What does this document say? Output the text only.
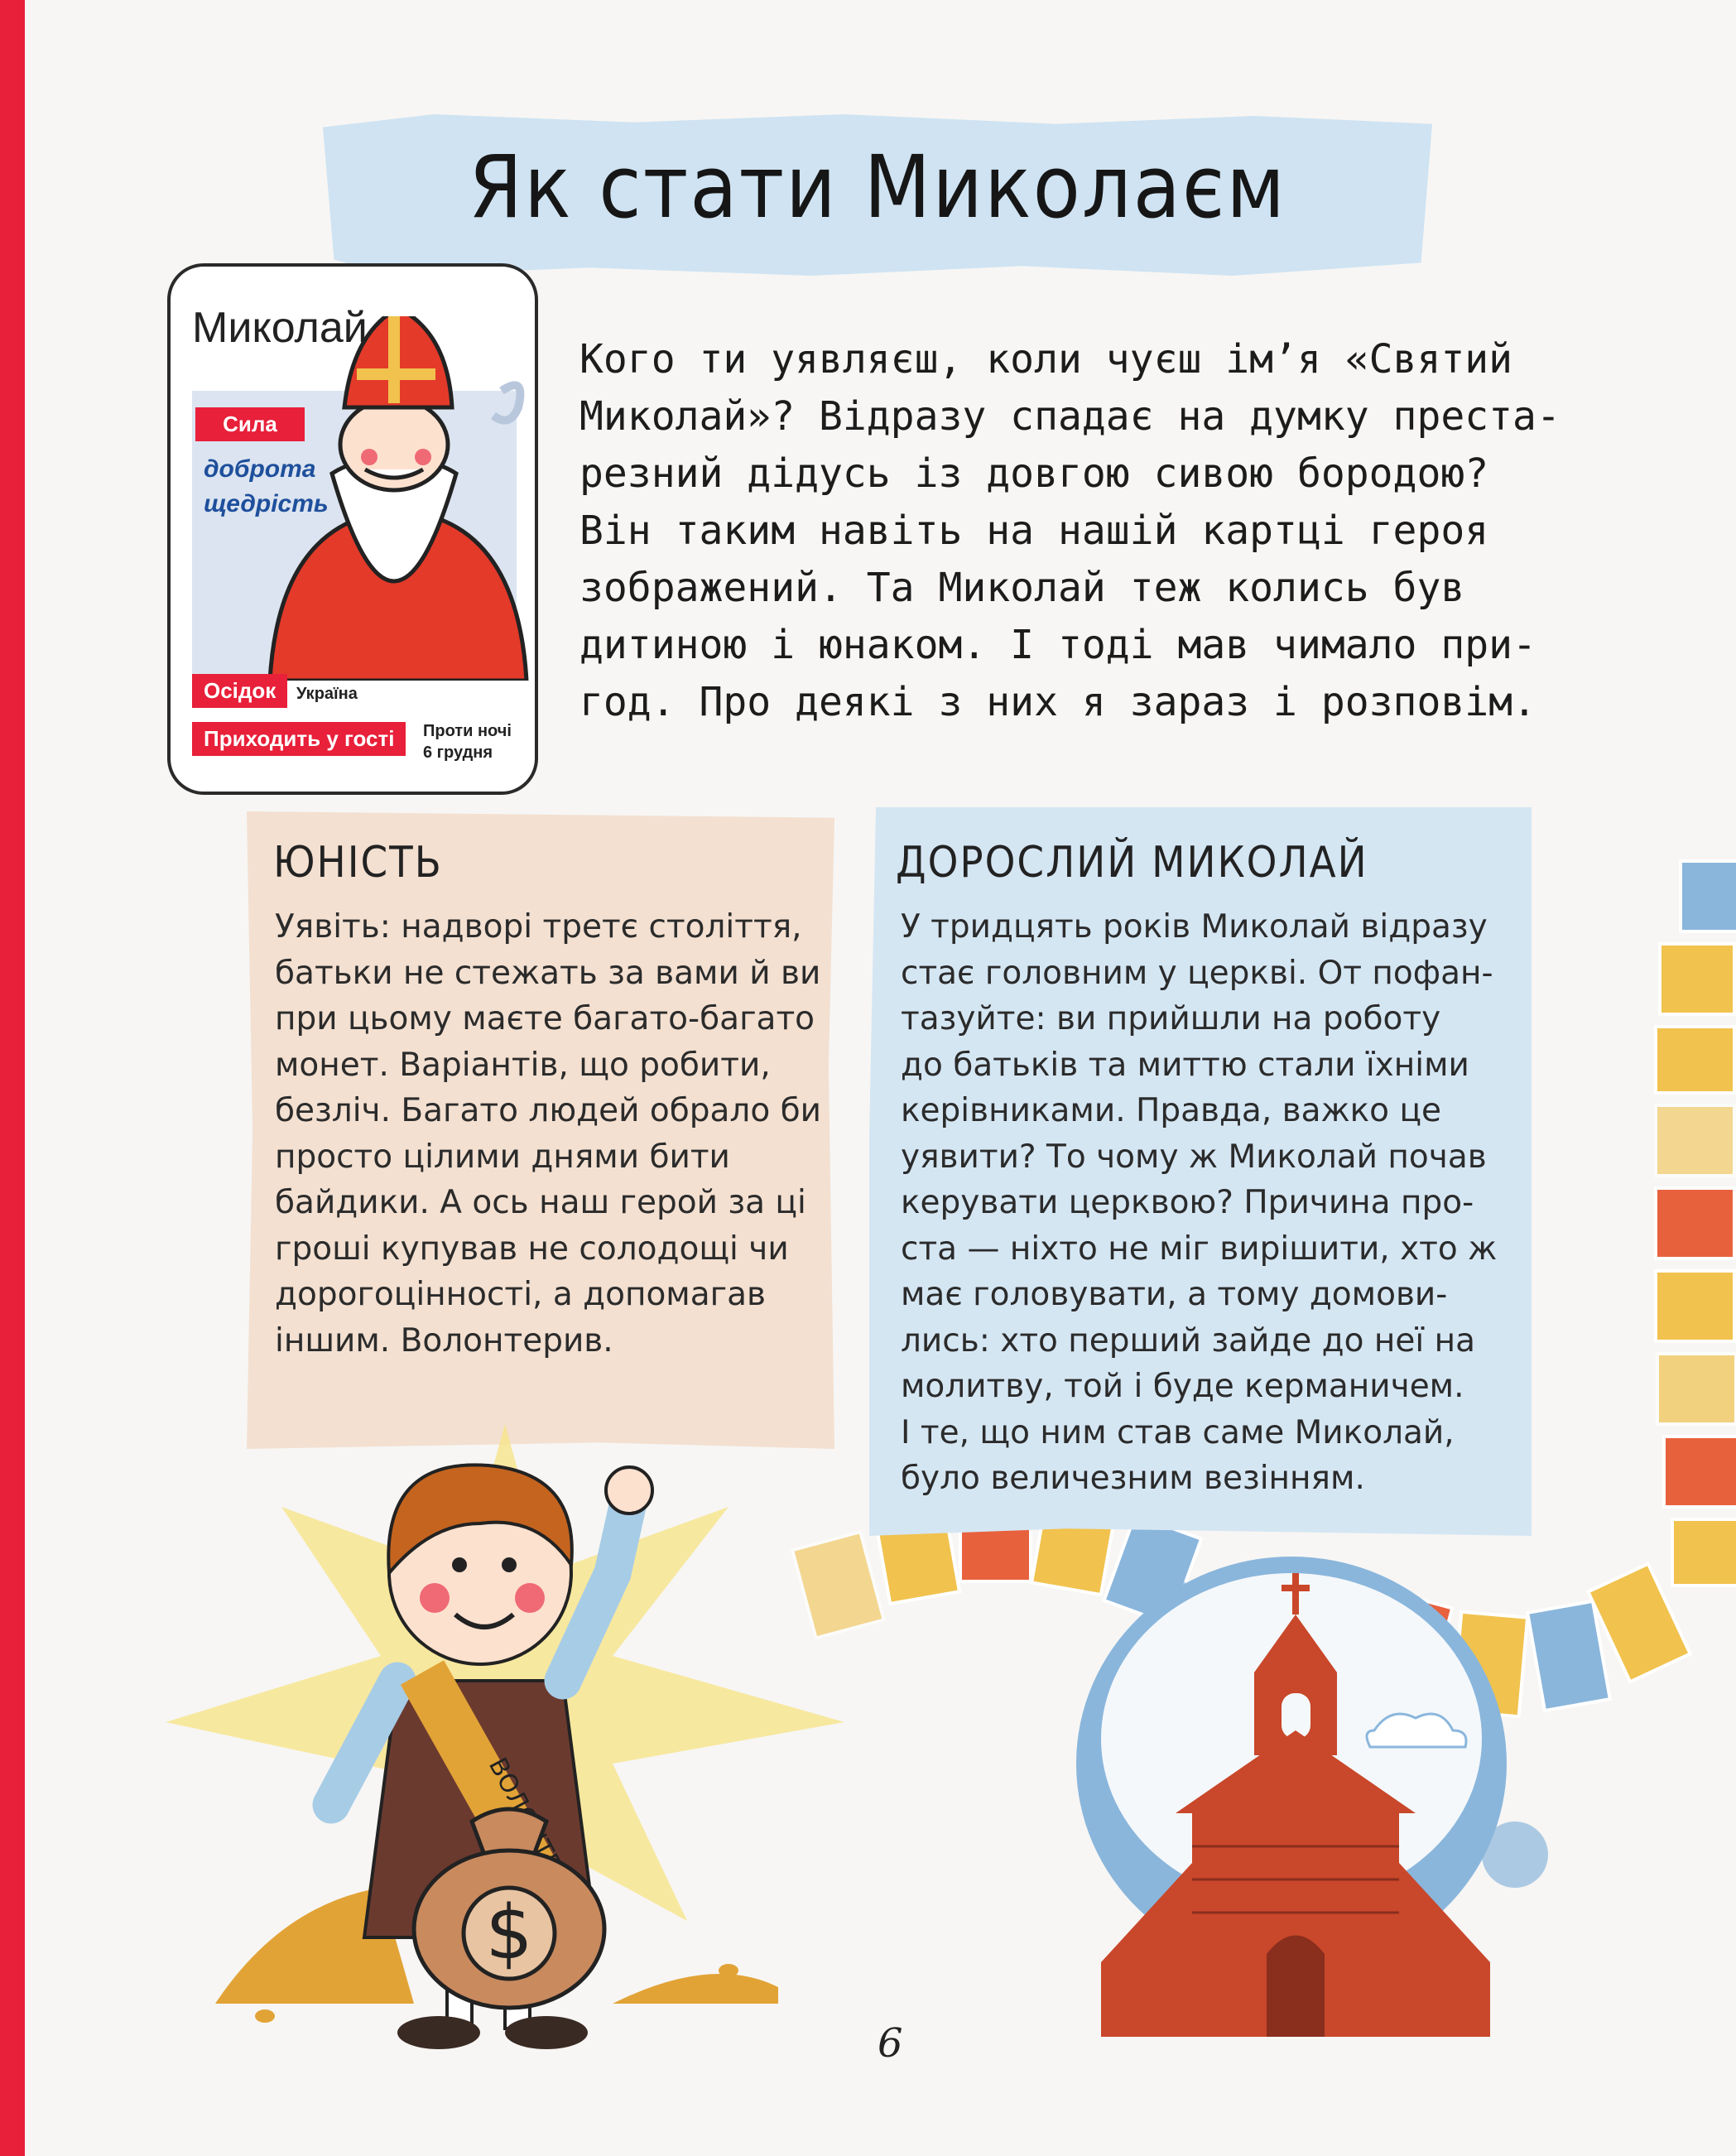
Як стати Миколаєм
Миколай
Сила
доброта
щедрість
Осідок	Україна
Приходить у гості	Проти ночі
6 грудня
Кого ти уявляєш, коли чуєш ім’я «Святий
Миколай»? Відразу спадає на думку преста-
резний дідусь із довгою сивою бородою?
Він таким навіть на нашій картці героя
зображений. Та Миколай теж колись був
дитиною і юнаком. І тоді мав чимало при-
год. Про деякі з них я зараз і розповім.
ЮНІСТЬ
Уявіть: надворі третє століття,
батьки не стежать за вами й ви
при цьому маєте багато-багато
монет. Варіантів, що робити,
безліч. Багато людей обрало би
просто цілими днями бити
байдики. А ось наш герой за ці
гроші купував не солодощі чи
дорогоцінності, а допомагав
іншим. Волонтерив.
ДОРОСЛИЙ МИКОЛАЙ
У тридцять років Миколай відразу
стає головним у церкві. От пофан-
тазуйте: ви прийшли на роботу
до батьків та миттю стали їхніми
керівниками. Правда, важко це
уявити? То чому ж Миколай почав
керувати церквою? Причина про-
ста — ніхто не міг вирішити, хто ж
має головувати, а тому домови-
лись: хто перший зайде до неї на
молитву, той і буде керманичем.
І те, що ним став саме Миколай,
було величезним везінням.
$
6
